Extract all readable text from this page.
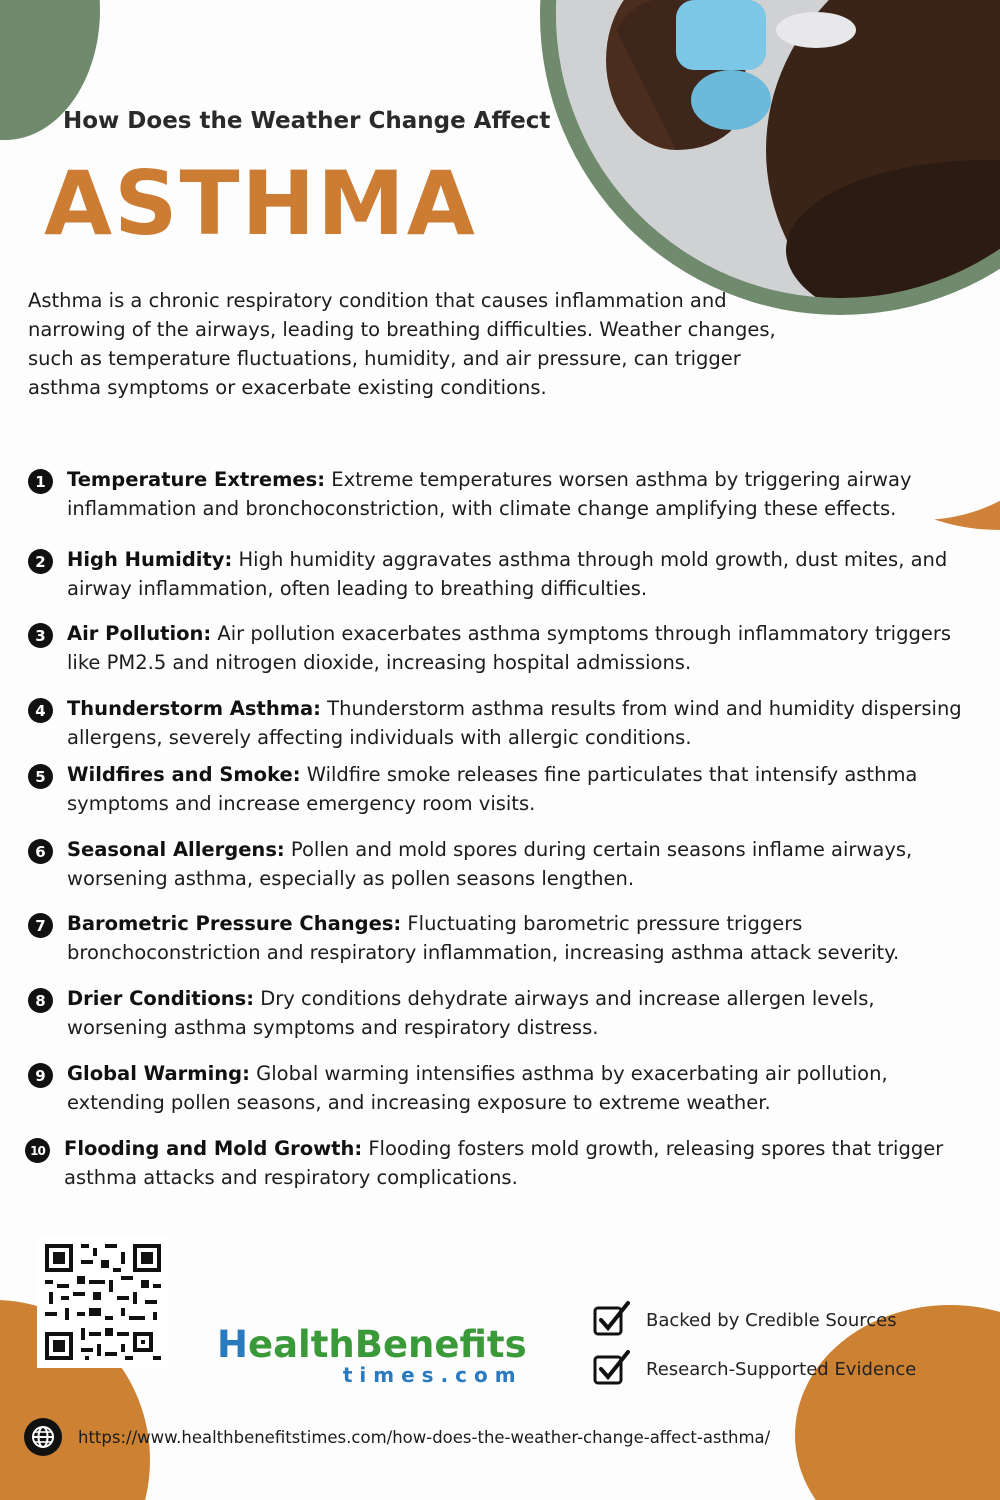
How Does the Weather Change Affect
ASTHMA
Asthma is a chronic respiratory condition that causes inflammation and narrowing of the airways, leading to breathing difficulties. Weather changes, such as temperature fluctuations, humidity, and air pressure, can trigger asthma symptoms or exacerbate existing conditions.
1	Temperature Extremes: Extreme temperatures worsen asthma by triggering airway inflammation and bronchoconstriction, with climate change amplifying these effects.
2	High Humidity: High humidity aggravates asthma through mold growth, dust mites, and airway inflammation, often leading to breathing difficulties.
3	Air Pollution: Air pollution exacerbates asthma symptoms through inflammatory triggers like PM2.5 and nitrogen dioxide, increasing hospital admissions.
4	Thunderstorm Asthma: Thunderstorm asthma results from wind and humidity dispersing allergens, severely affecting individuals with allergic conditions.
5	Wildfires and Smoke: Wildfire smoke releases fine particulates that intensify asthma symptoms and increase emergency room visits.
6	Seasonal Allergens: Pollen and mold spores during certain seasons inflame airways, worsening asthma, especially as pollen seasons lengthen.
7	Barometric Pressure Changes: Fluctuating barometric pressure triggers bronchoconstriction and respiratory inflammation, increasing asthma attack severity.
8	Drier Conditions: Dry conditions dehydrate airways and increase allergen levels, worsening asthma symptoms and respiratory distress.
9	Global Warming: Global warming intensifies asthma by exacerbating air pollution, extending pollen seasons, and increasing exposure to extreme weather.
10 Flooding and Mold Growth: Flooding fosters mold growth, releasing spores that trigger asthma attacks and respiratory complications.
HealthBenefits
times.com
Backed by Credible Sources
Research-Supported Evidence
https://www.healthbenefitstimes.com/how-does-the-weather-change-affect-asthma/
